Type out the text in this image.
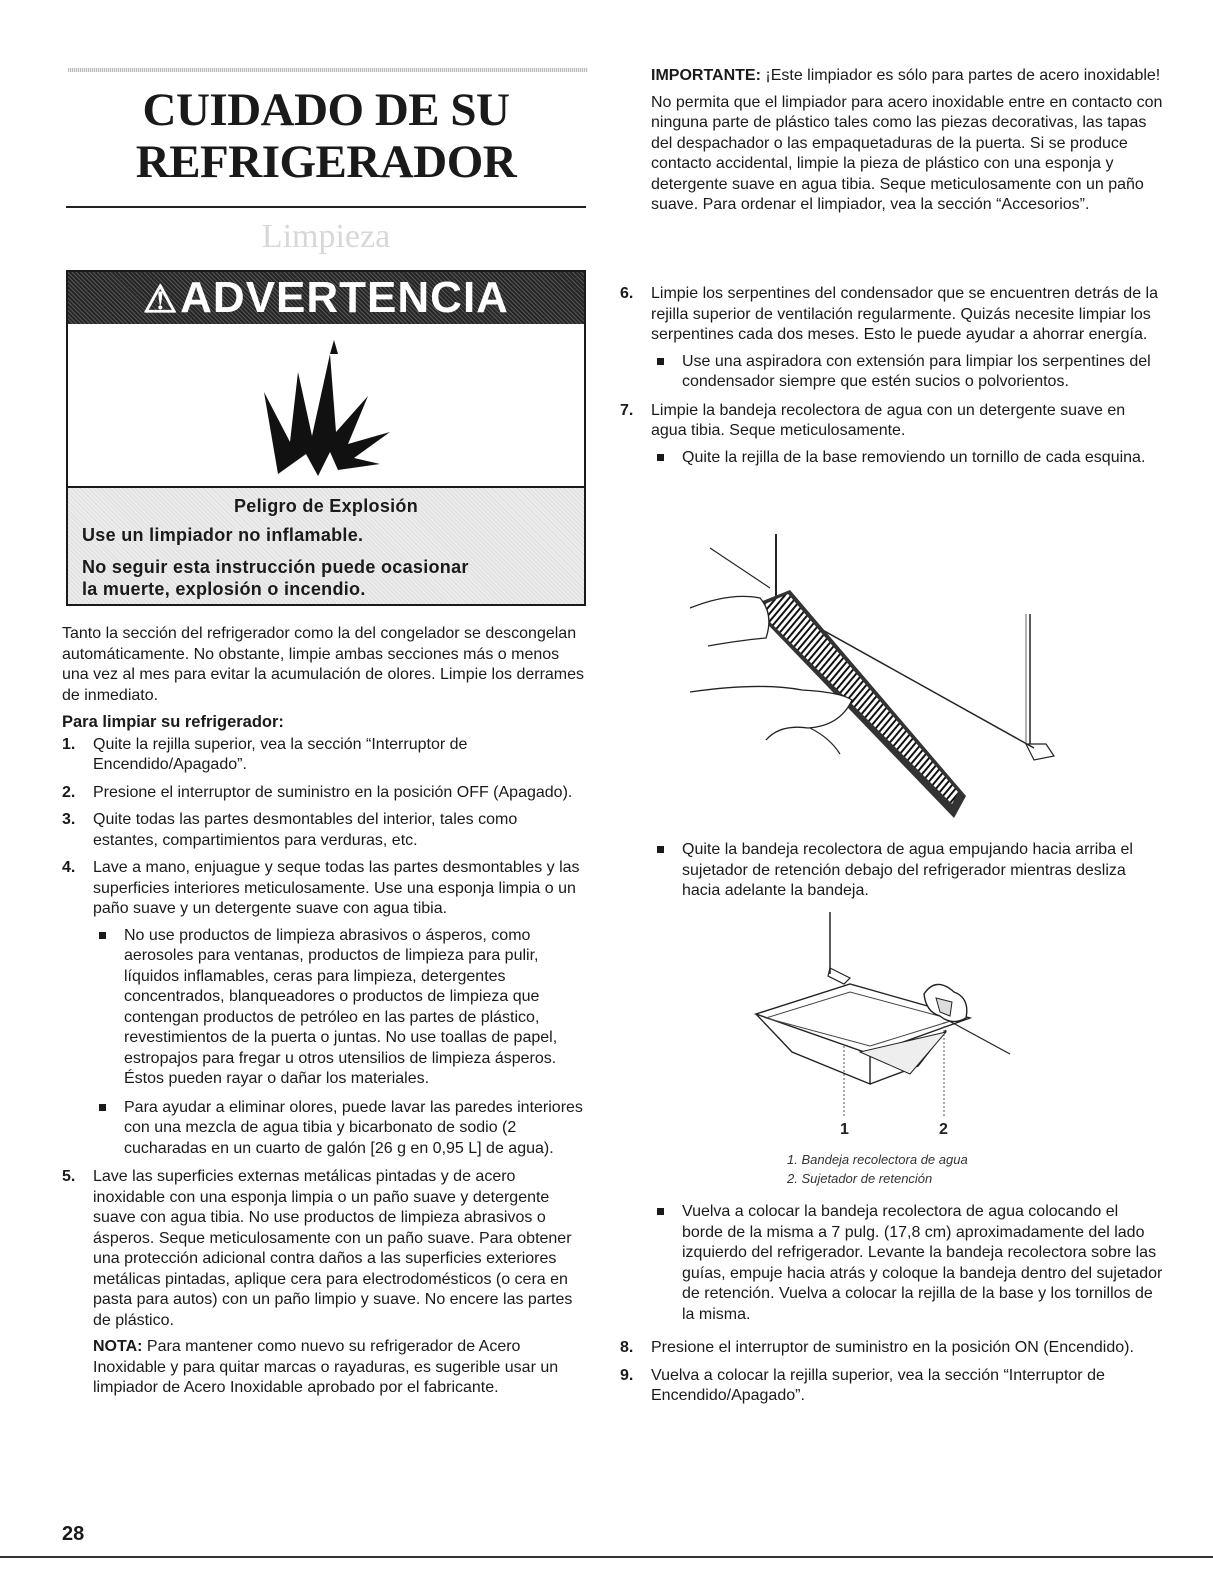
CUIDADO DE SU
REFRIGERADOR
Limpieza
⚠ADVERTENCIA
Peligro de Explosión
Use un limpiador no inflamable.
No seguir esta instrucción puede ocasionar
la muerte, explosión o incendio.

Tanto la sección del refrigerador como la del congelador se descongelan automáticamente. No obstante, limpie ambas secciones más o menos una vez al mes para evitar la acumulación de olores. Limpie los derrames de inmediato.

Para limpiar su refrigerador:

1. Quite la rejilla superior, vea la sección “Interruptor de Encendido/Apagado”.
2. Presione el interruptor de suministro en la posición OFF (Apagado).
3. Quite todas las partes desmontables del interior, tales como estantes, compartimientos para verduras, etc.
4. Lave a mano, enjuague y seque todas las partes desmontables y las superficies interiores meticulosamente. Use una esponja limpia o un paño suave y un detergente suave con agua tibia.
No use productos de limpieza abrasivos o ásperos, como aerosoles para ventanas, productos de limpieza para pulir, líquidos inflamables, ceras para limpieza, detergentes concentrados, blanqueadores o productos de limpieza que contengan productos de petróleo en las partes de plástico, revestimientos de la puerta o juntas. No use toallas de papel, estropajos para fregar u otros utensilios de limpieza ásperos. Éstos pueden rayar o dañar los materiales.
Para ayudar a eliminar olores, puede lavar las paredes interiores con una mezcla de agua tibia y bicarbonato de sodio (2 cucharadas en un cuarto de galón [26 g en 0,95 L] de agua).
5. Lave las superficies externas metálicas pintadas y de acero inoxidable con una esponja limpia o un paño suave y detergente suave con agua tibia. No use productos de limpieza abrasivos o ásperos. Seque meticulosamente con un paño suave. Para obtener una protección adicional contra daños a las superficies exteriores metálicas pintadas, aplique cera para electrodomésticos (o cera en pasta para autos) con un paño limpio y suave. No encere las partes de plástico.

NOTA: Para mantener como nuevo su refrigerador de Acero Inoxidable y para quitar marcas o rayaduras, es sugerible usar un limpiador de Acero Inoxidable aprobado por el fabricante.

IMPORTANTE: ¡Este limpiador es sólo para partes de acero inoxidable!

No permita que el limpiador para acero inoxidable entre en contacto con ninguna parte de plástico tales como las piezas decorativas, las tapas del despachador o las empaquetaduras de la puerta. Si se produce contacto accidental, limpie la pieza de plástico con una esponja y detergente suave en agua tibia. Seque meticulosamente con un paño suave. Para ordenar el limpiador, vea la sección “Accesorios”.

6. Limpie los serpentines del condensador que se encuentren detrás de la rejilla superior de ventilación regularmente. Quizás necesite limpiar los serpentines cada dos meses. Esto le puede ayudar a ahorrar energía.
Use una aspiradora con extensión para limpiar los serpentines del condensador siempre que estén sucios o polvorientos.
7. Limpie la bandeja recolectora de agua con un detergente suave en agua tibia. Seque meticulosamente.
Quite la rejilla de la base removiendo un tornillo de cada esquina.
Quite la bandeja recolectora de agua empujando hacia arriba el sujetador de retención debajo del refrigerador mientras desliza hacia adelante la bandeja.
1	2
1. Bandeja recolectora de agua
2. Sujetador de retención
Vuelva a colocar la bandeja recolectora de agua colocando el borde de la misma a 7 pulg. (17,8 cm) aproximadamente del lado izquierdo del refrigerador. Levante la bandeja recolectora sobre las guías, empuje hacia atrás y coloque la bandeja dentro del sujetador de retención. Vuelva a colocar la rejilla de la base y los tornillos de la misma.
8. Presione el interruptor de suministro en la posición ON (Encendido).
9. Vuelva a colocar la rejilla superior, vea la sección “Interruptor de Encendido/Apagado”.
28
